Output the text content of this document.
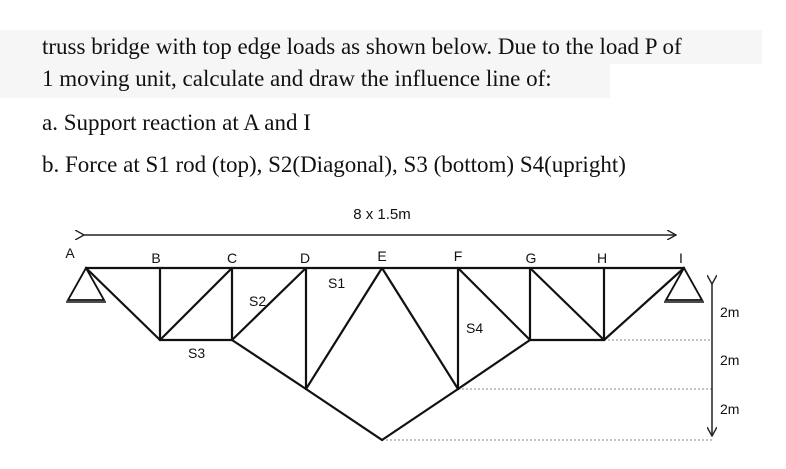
truss bridge with top edge loads as shown below. Due to the load P of
1 moving unit, calculate and draw the influence line of:
a. Support reaction at A and I
b. Force at S1 rod (top), S2(Diagonal), S3 (bottom) S4(upright)
8 x 1.5m
A	B	C	D	E	F	G	H	I
S1
S2
S3
S4
2m
2m
2m
